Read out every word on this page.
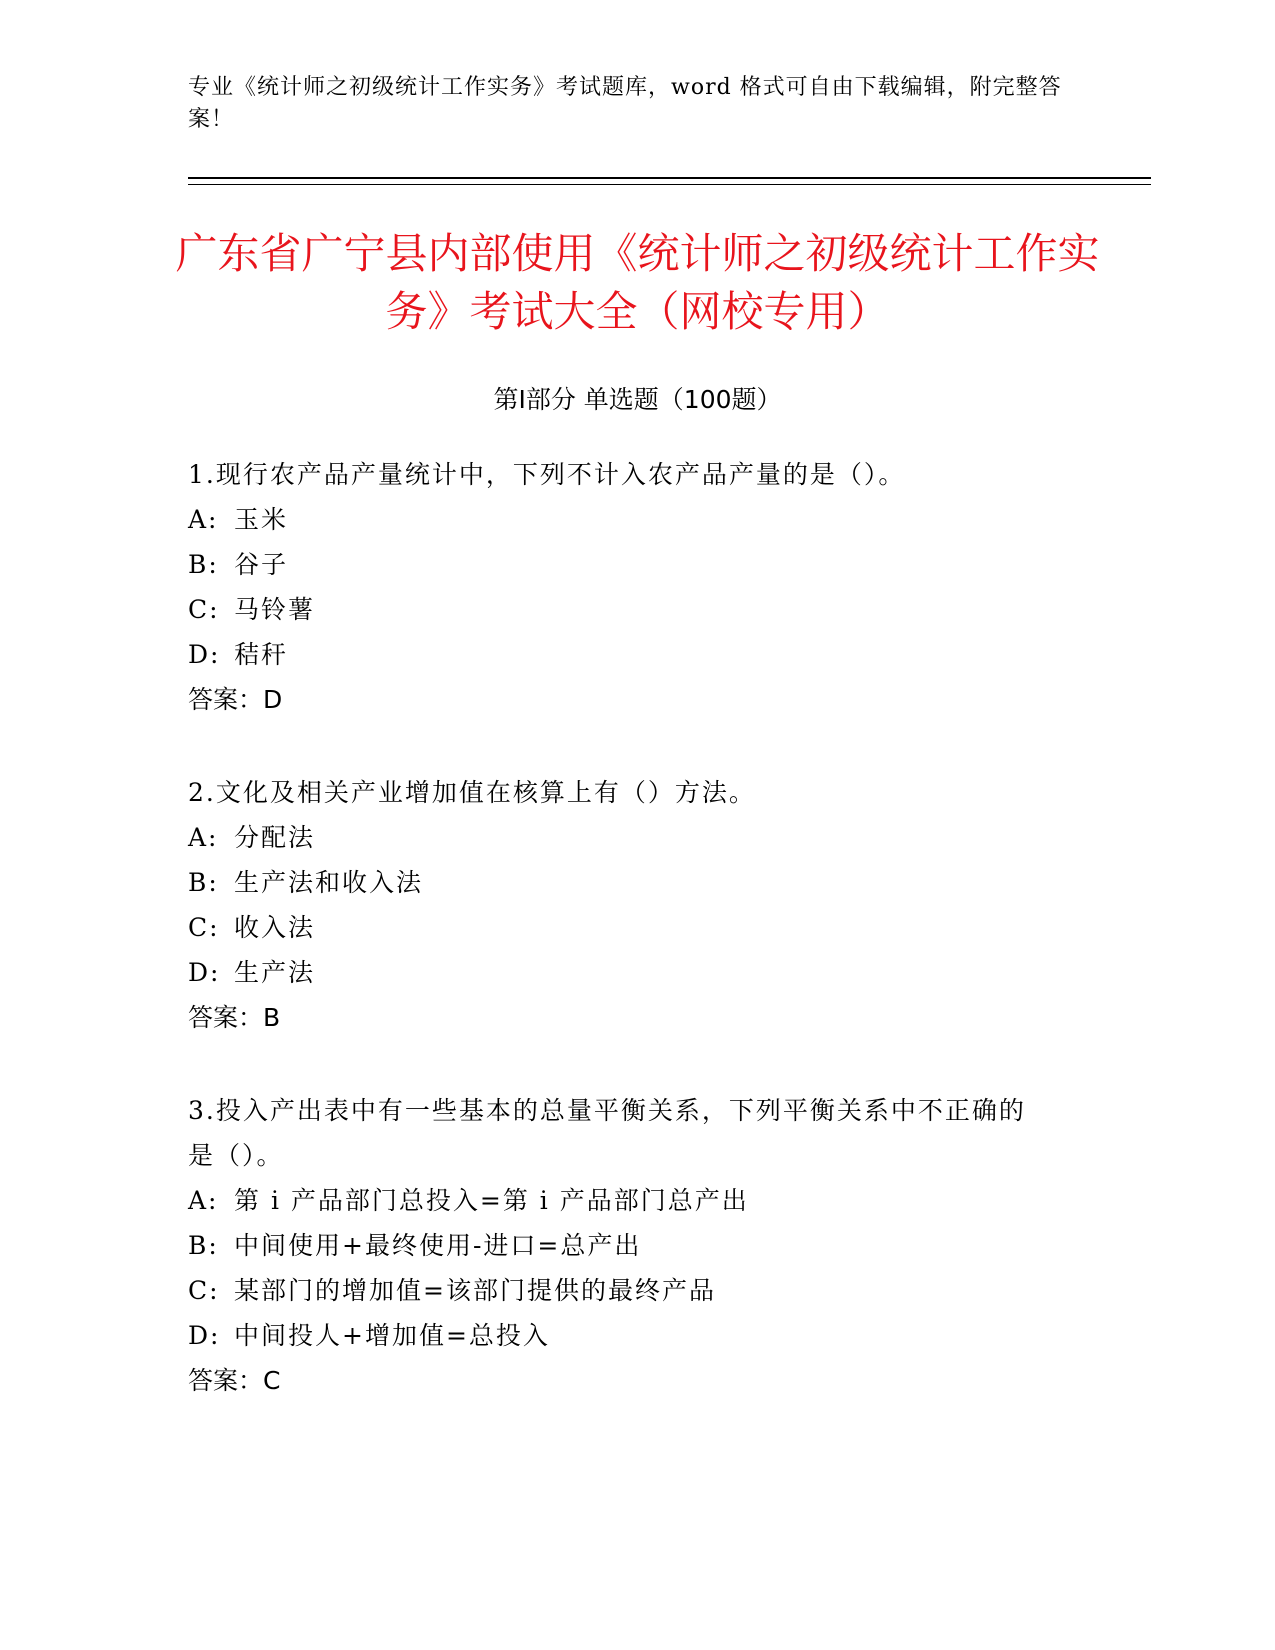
专业《统计师之初级统计工作实务》考试题库，word 格式可自由下载编辑，附完整答案！
广东省广宁县内部使用《统计师之初级统计工作实务》考试大全（网校专用）
第Ⅰ部分 单选题（100题）
1.现行农产品产量统计中，下列不计入农产品产量的是（）。
A: 玉米
B: 谷子
C: 马铃薯
D: 秸秆
答案：D
2.文化及相关产业增加值在核算上有（）方法。
A: 分配法
B: 生产法和收入法
C: 收入法
D: 生产法
答案：B
3.投入产出表中有一些基本的总量平衡关系，下列平衡关系中不正确的是（）。
A: 第 i 产品部门总投入=第 i 产品部门总产出
B: 中间使用+最终使用-进口=总产出
C: 某部门的增加值=该部门提供的最终产品
D: 中间投人+增加值=总投入
答案：C
